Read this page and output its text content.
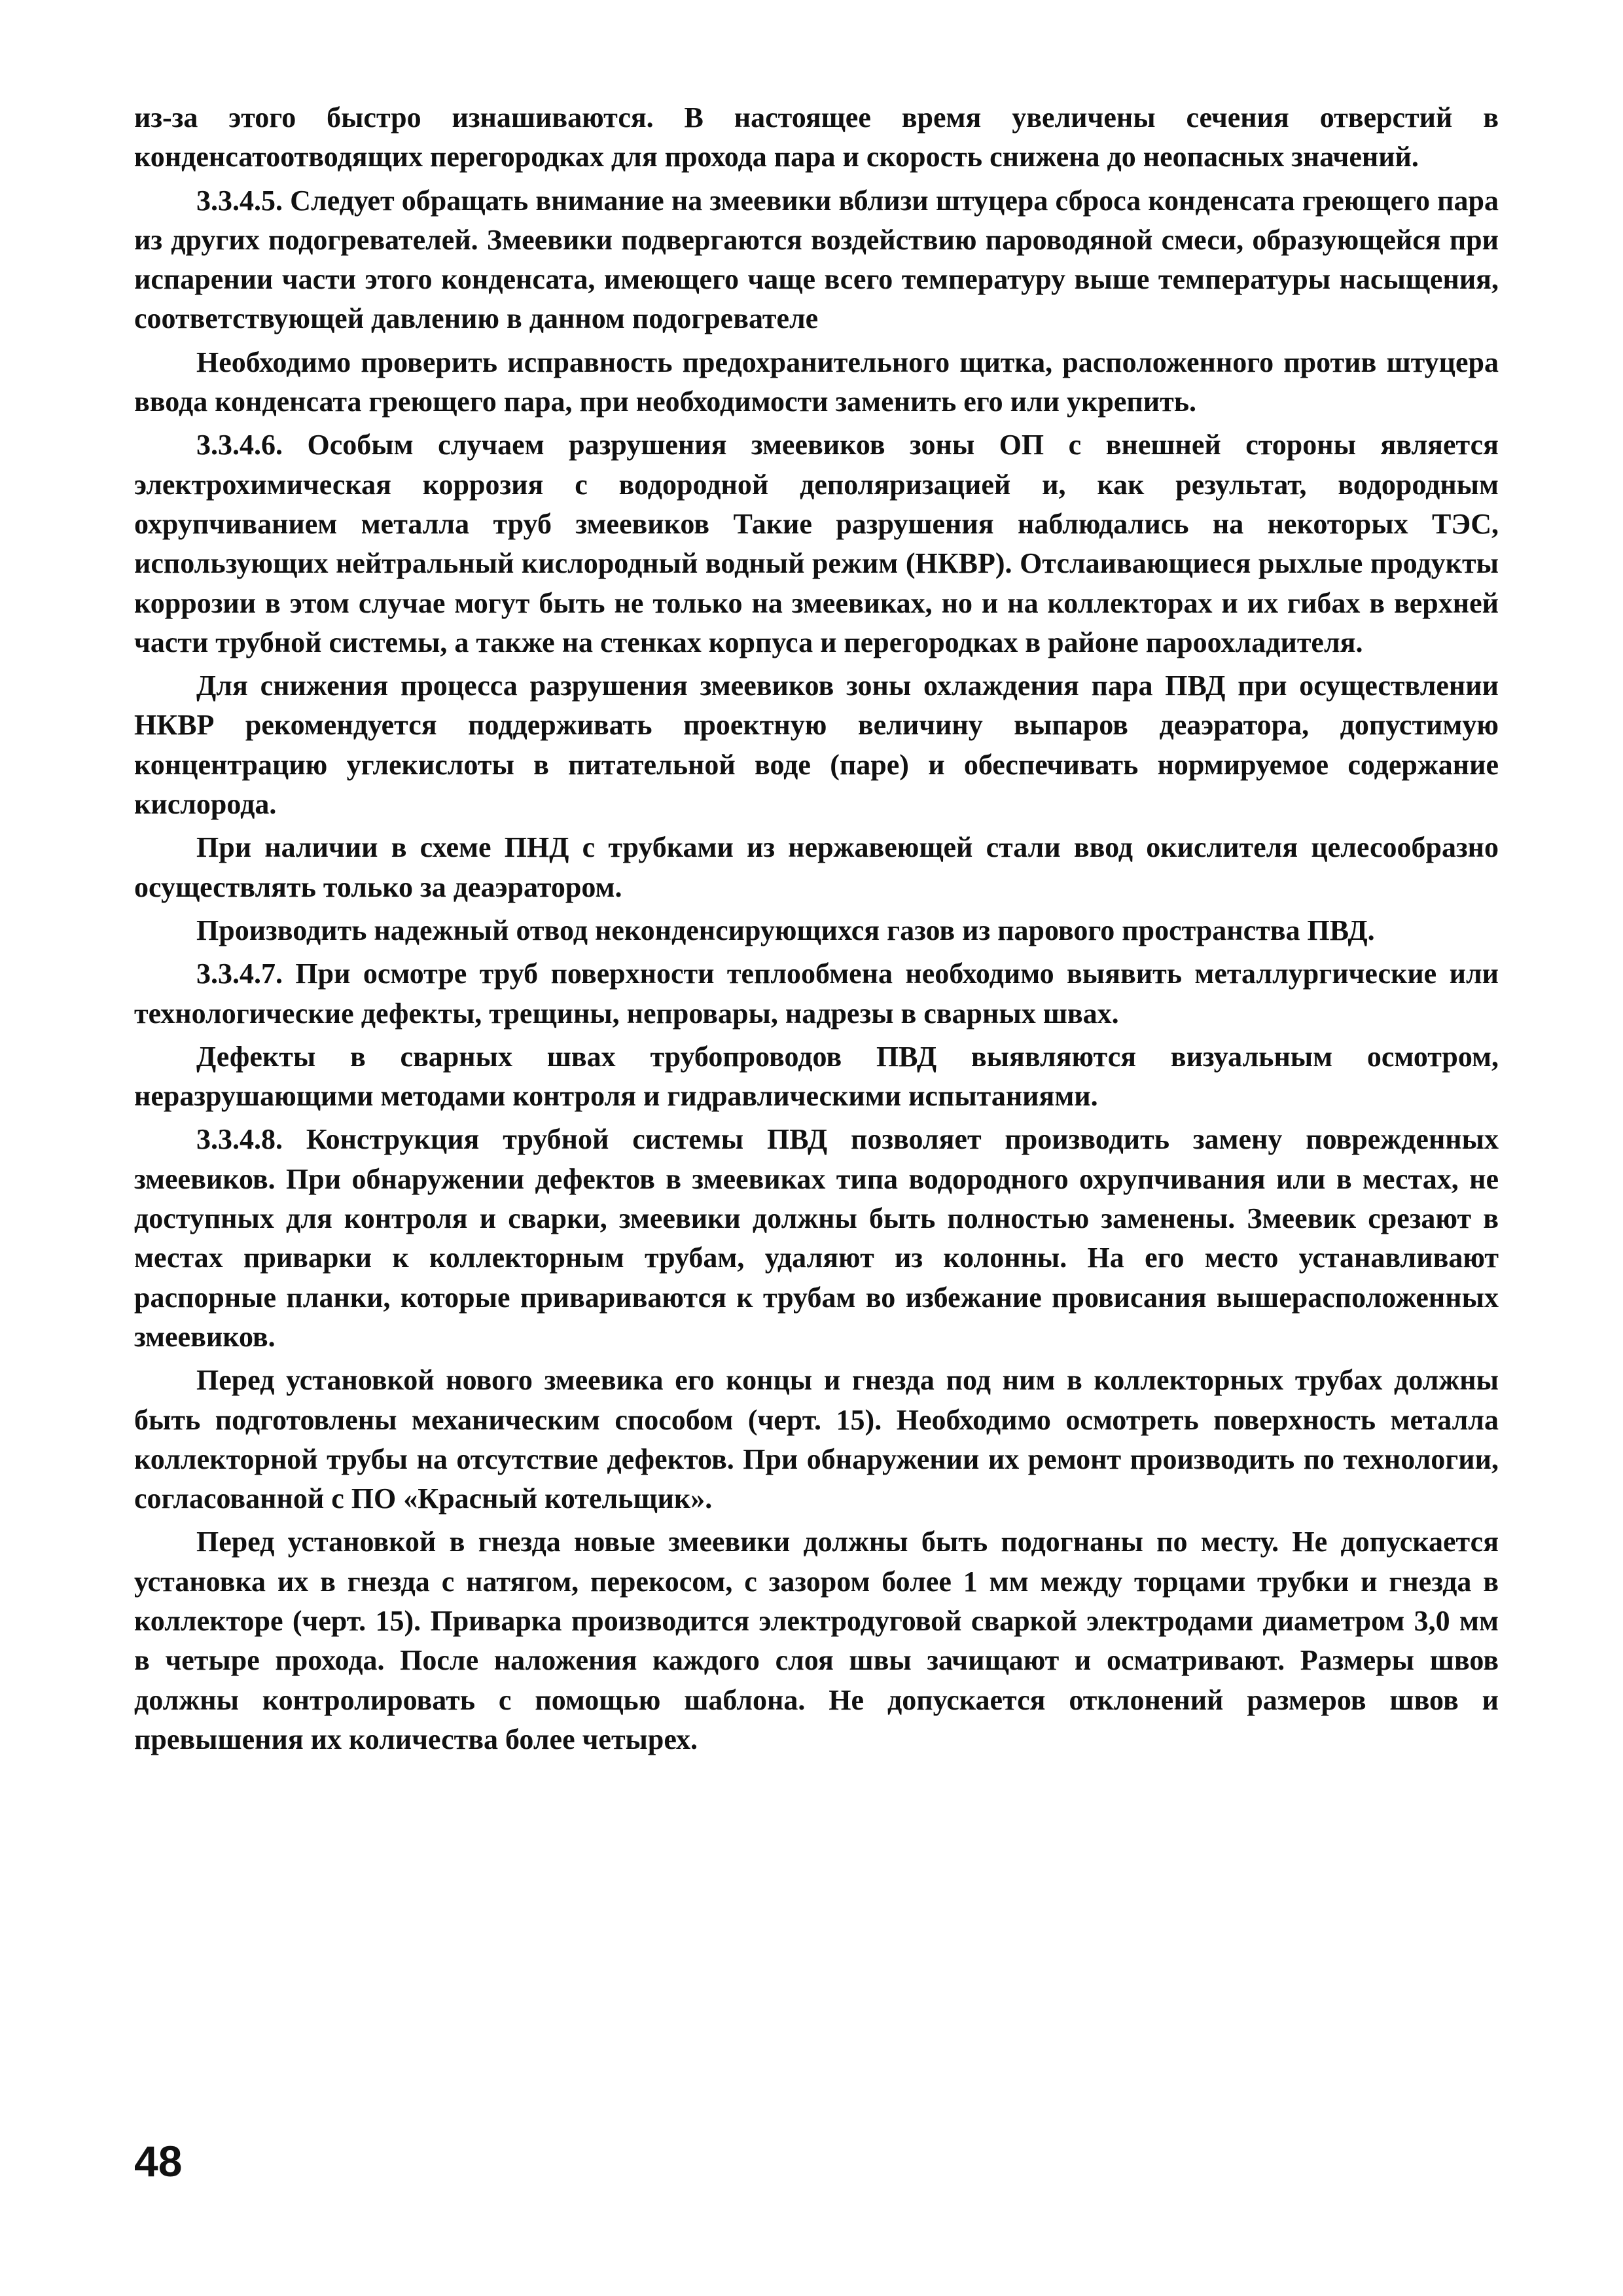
из-за этого быстро изнашиваются. В настоящее время увеличены сечения отверстий в конденсатоотводящих перегородках для прохода пара и скорость снижена до неопасных значений.

3.3.4.5. Следует обращать внимание на змеевики вблизи штуцера сброса конденсата греющего пара из других подогревателей. Змеевики подвергаются воздействию пароводяной смеси, образующейся при испарении части этого конденсата, имеющего чаще всего температуру выше температуры насыщения, соответствующей давлению в данном подогревателе

Необходимо проверить исправность предохранительного щитка, расположенного против штуцера ввода конденсата греющего пара, при необходимости заменить его или укрепить.

3.3.4.6. Особым случаем разрушения змеевиков зоны ОП с внешней стороны является электрохимическая коррозия с водородной деполяризацией и, как результат, водородным охрупчиванием металла труб змеевиков Такие разрушения наблюдались на некоторых ТЭС, использующих нейтральный кислородный водный режим (НКВР). Отслаивающиеся рыхлые продукты коррозии в этом случае могут быть не только на змеевиках, но и на коллекторах и их гибах в верхней части трубной системы, а также на стенках корпуса и перегородках в районе пароохладителя.

Для снижения процесса разрушения змеевиков зоны охлаждения пара ПВД при осуществлении НКВР рекомендуется поддерживать проектную величину выпаров деаэратора, допустимую концентрацию углекислоты в питательной воде (паре) и обеспечивать нормируемое содержание кислорода.

При наличии в схеме ПНД с трубками из нержавеющей стали ввод окислителя целесообразно осуществлять только за деаэратором.

Производить надежный отвод неконденсирующихся газов из парового пространства ПВД.

3.3.4.7. При осмотре труб поверхности теплообмена необходимо выявить металлургические или технологические дефекты, трещины, непровары, надрезы в сварных швах.

Дефекты в сварных швах трубопроводов ПВД выявляются визуальным осмотром, неразрушающими методами контроля и гидравлическими испытаниями.

3.3.4.8. Конструкция трубной системы ПВД позволяет производить замену поврежденных змеевиков. При обнаружении дефектов в змеевиках типа водородного охрупчивания или в местах, не доступных для контроля и сварки, змеевики должны быть полностью заменены. Змеевик срезают в местах приварки к коллекторным трубам, удаляют из колонны. На его место устанавливают распорные планки, которые привариваются к трубам во избежание провисания вышерасположенных змеевиков.

Перед установкой нового змеевика его концы и гнезда под ним в коллекторных трубах должны быть подготовлены механическим способом (черт. 15). Необходимо осмотреть поверхность металла коллекторной трубы на отсутствие дефектов. При обнаружении их ремонт производить по технологии, согласованной с ПО «Красный котельщик».

Перед установкой в гнезда новые змеевики должны быть подогнаны по месту. Не допускается установка их в гнезда с натягом, перекосом, с зазором более 1 мм между торцами трубки и гнезда в коллекторе (черт. 15). Приварка производится электродуговой сваркой электродами диаметром 3,0 мм в четыре прохода. После наложения каждого слоя швы зачищают и осматривают. Размеры швов должны контролировать с помощью шаблона. Не допускается отклонений размеров швов и превышения их количества более четырех.

48
